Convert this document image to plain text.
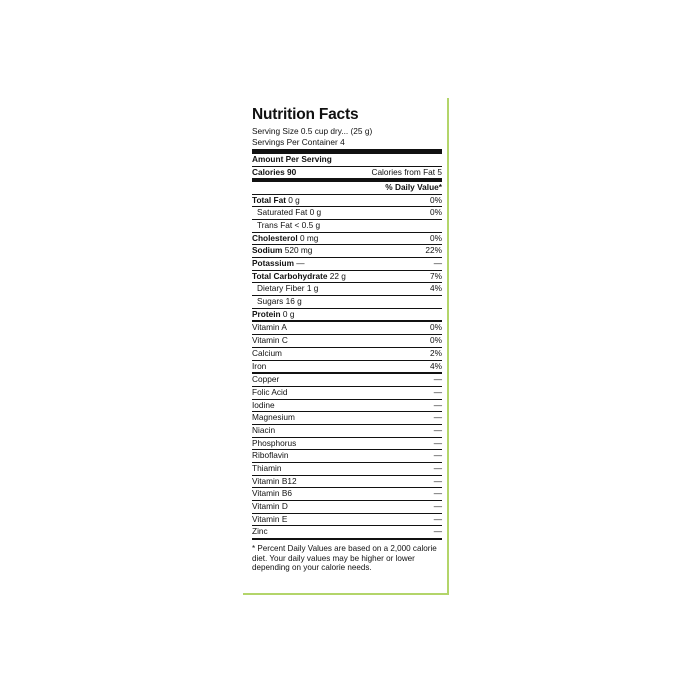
Nutrition Facts
Serving Size 0.5 cup dry... (25 g)
Servings Per Container 4
Amount Per Serving
Calories 90	Calories from Fat 5
% Daily Value*
Total Fat 0 g	0%
Saturated Fat 0 g	0%
Trans Fat < 0.5 g
Cholesterol 0 mg	0%
Sodium 520 mg	22%
Potassium —	—
Total Carbohydrate 22 g	7%
Dietary Fiber 1 g	4%
Sugars 16 g
Protein 0 g
Vitamin A	0%
Vitamin C	0%
Calcium	2%
Iron	4%
Copper	—
Folic Acid	—
Iodine	—
Magnesium	—
Niacin	—
Phosphorus	—
Riboflavin	—
Thiamin	—
Vitamin B12	—
Vitamin B6	—
Vitamin D	—
Vitamin E	—
Zinc	—
* Percent Daily Values are based on a 2,000 calorie diet. Your daily values may be higher or lower depending on your calorie needs.
